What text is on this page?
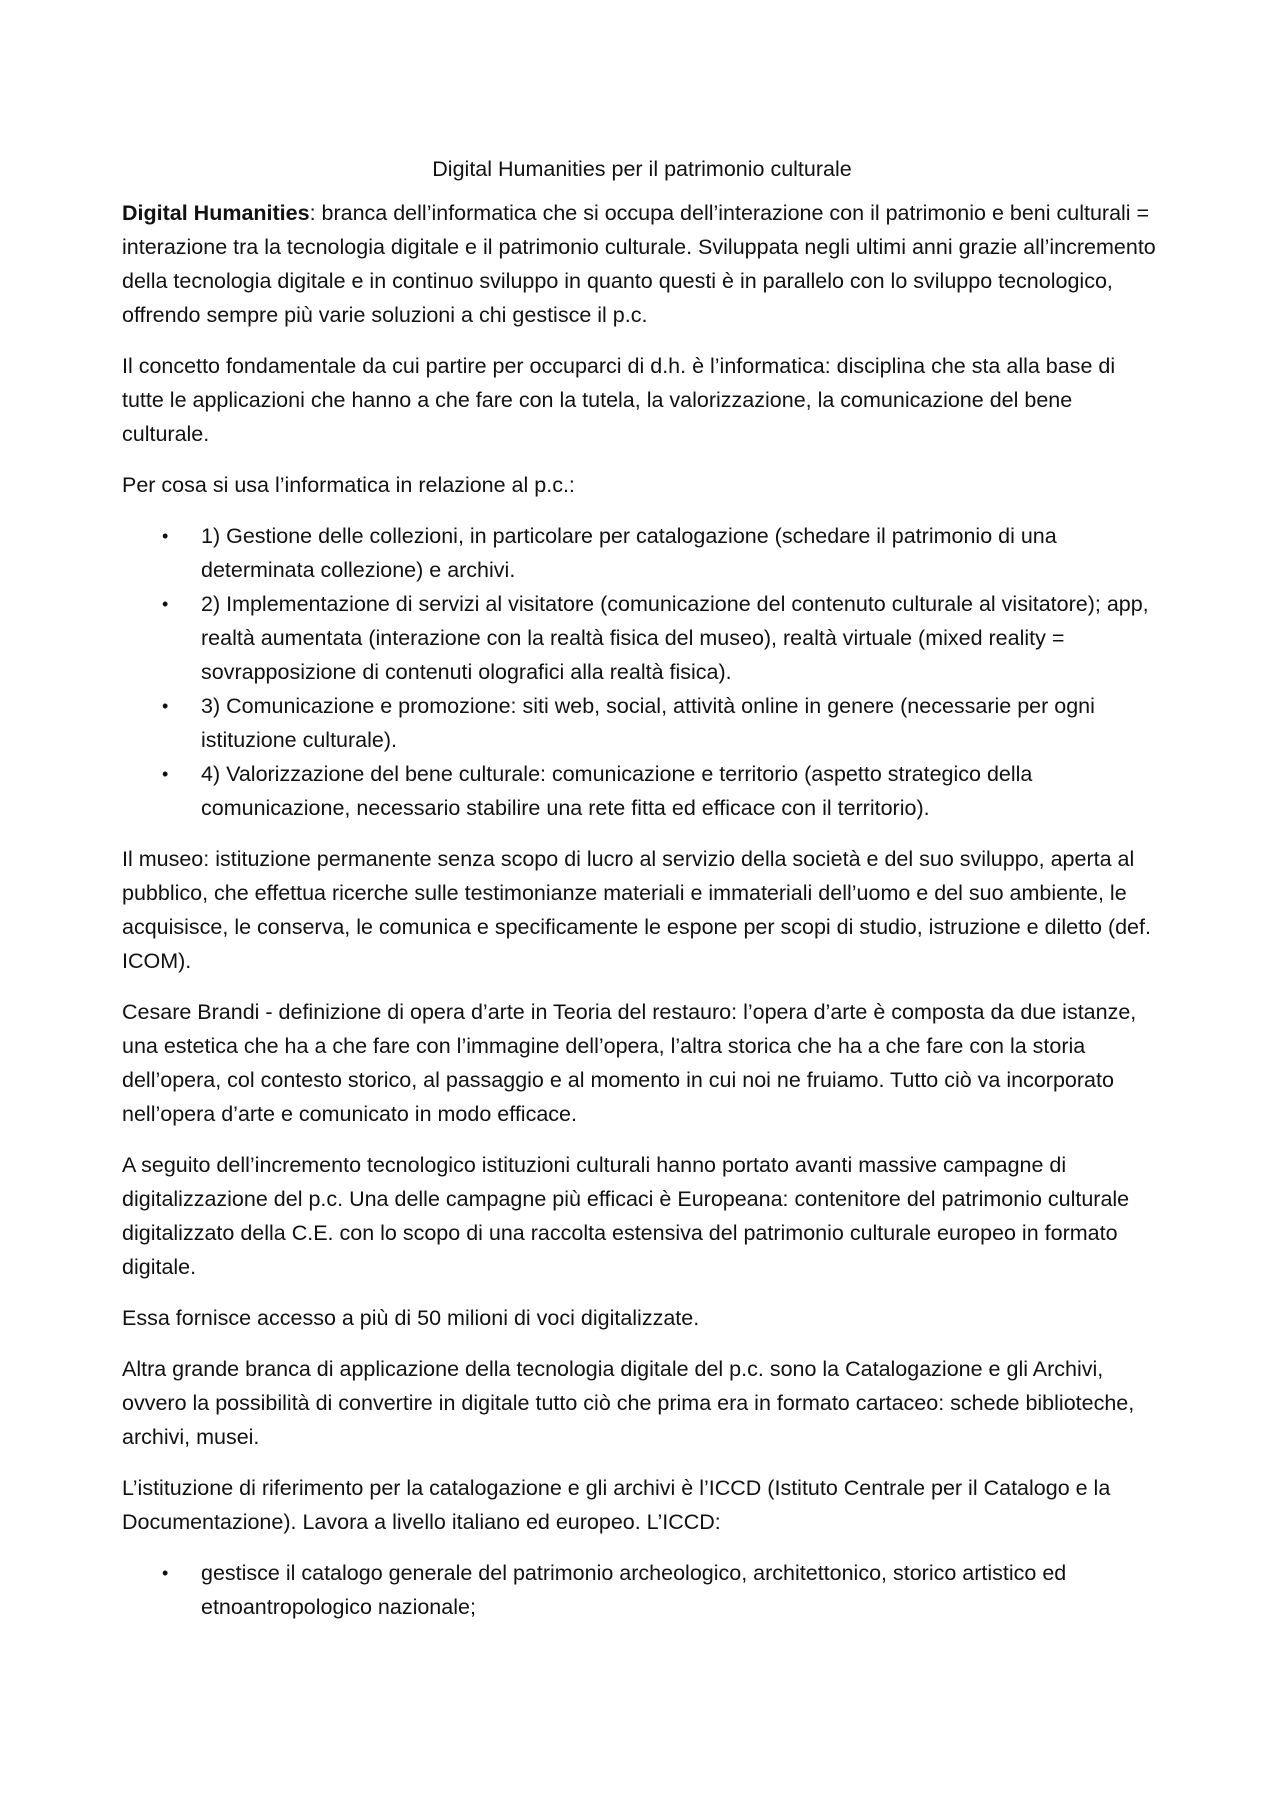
Digital Humanities per il patrimonio culturale

Digital Humanities: branca dell’informatica che si occupa dell’interazione con il patrimonio e beni culturali = interazione tra la tecnologia digitale e il patrimonio culturale. Sviluppata negli ultimi anni grazie all’incremento della tecnologia digitale e in continuo sviluppo in quanto questi è in parallelo con lo sviluppo tecnologico, offrendo sempre più varie soluzioni a chi gestisce il p.c.

Il concetto fondamentale da cui partire per occuparci di d.h. è l’informatica: disciplina che sta alla base di tutte le applicazioni che hanno a che fare con la tutela, la valorizzazione, la comunicazione del bene culturale.

Per cosa si usa l’informatica in relazione al p.c.:

• 1) Gestione delle collezioni, in particolare per catalogazione (schedare il patrimonio di una determinata collezione) e archivi.
• 2) Implementazione di servizi al visitatore (comunicazione del contenuto culturale al visitatore); app, realtà aumentata (interazione con la realtà fisica del museo), realtà virtuale (mixed reality = sovrapposizione di contenuti olografici alla realtà fisica).
• 3) Comunicazione e promozione: siti web, social, attività online in genere (necessarie per ogni istituzione culturale).
• 4) Valorizzazione del bene culturale: comunicazione e territorio (aspetto strategico della comunicazione, necessario stabilire una rete fitta ed efficace con il territorio).

Il museo: istituzione permanente senza scopo di lucro al servizio della società e del suo sviluppo, aperta al pubblico, che effettua ricerche sulle testimonianze materiali e immateriali dell’uomo e del suo ambiente, le acquisisce, le conserva, le comunica e specificamente le espone per scopi di studio, istruzione e diletto (def. ICOM).

Cesare Brandi - definizione di opera d’arte in Teoria del restauro: l’opera d’arte è composta da due istanze, una estetica che ha a che fare con l’immagine dell’opera, l’altra storica che ha a che fare con la storia dell’opera, col contesto storico, al passaggio e al momento in cui noi ne fruiamo. Tutto ciò va incorporato nell’opera d’arte e comunicato in modo efficace.

A seguito dell’incremento tecnologico istituzioni culturali hanno portato avanti massive campagne di digitalizzazione del p.c. Una delle campagne più efficaci è Europeana: contenitore del patrimonio culturale digitalizzato della C.E. con lo scopo di una raccolta estensiva del patrimonio culturale europeo in formato digitale.

Essa fornisce accesso a più di 50 milioni di voci digitalizzate.

Altra grande branca di applicazione della tecnologia digitale del p.c. sono la Catalogazione e gli Archivi, ovvero la possibilità di convertire in digitale tutto ciò che prima era in formato cartaceo: schede biblioteche, archivi, musei.

L’istituzione di riferimento per la catalogazione e gli archivi è l’ICCD (Istituto Centrale per il Catalogo e la Documentazione). Lavora a livello italiano ed europeo. L’ICCD:

• gestisce il catalogo generale del patrimonio archeologico, architettonico, storico artistico ed etnoantropologico nazionale;
